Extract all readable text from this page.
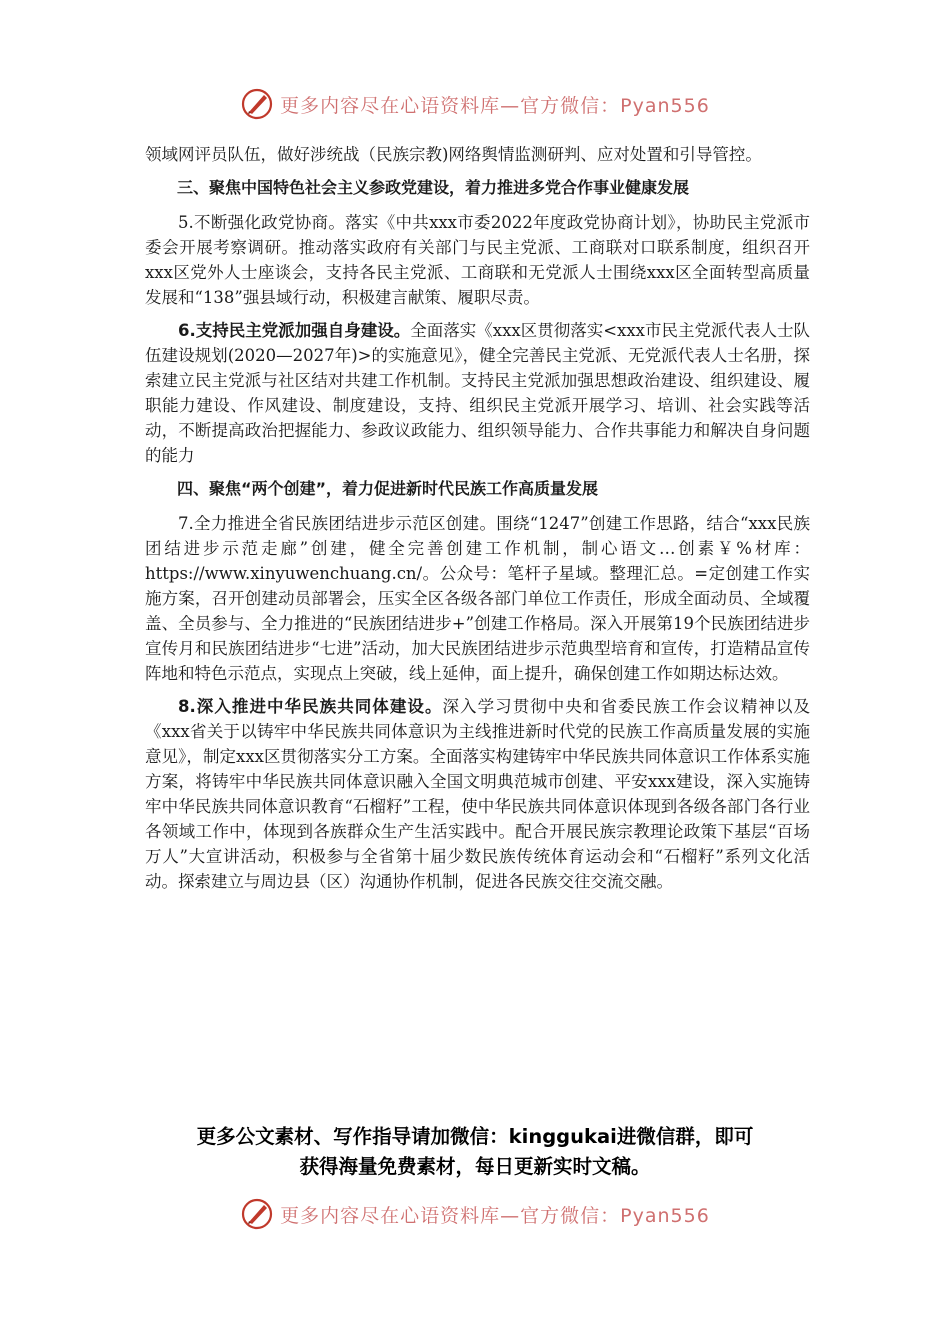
更多内容尽在心语资料库—官方微信：Pyan556

领域网评员队伍，做好涉统战（民族宗教)网络舆情监测研判、应对处置和引导管控。

三、聚焦中国特色社会主义参政党建设，着力推进多党合作事业健康发展

5.不断强化政党协商。落实《中共xxx市委2022年度政党协商计划》，协助民主党派市委会开展考察调研。推动落实政府有关部门与民主党派、工商联对口联系制度，组织召开xxx区党外人士座谈会，支持各民主党派、工商联和无党派人士围绕xxx区全面转型高质量发展和“138”强县域行动，积极建言献策、履职尽责。

6.支持民主党派加强自身建设。全面落实《xxx区贯彻落实<xxx市民主党派代表人士队伍建设规划(2020—2027年)>的实施意见》，健全完善民主党派、无党派代表人士名册，探索建立民主党派与社区结对共建工作机制。支持民主党派加强思想政治建设、组织建设、履职能力建设、作风建设、制度建设，支持、组织民主党派开展学习、培训、社会实践等活动，不断提高政治把握能力、参政议政能力、组织领导能力、合作共事能力和解决自身问题的能力

四、聚焦“两个创建”，着力促进新时代民族工作高质量发展

7.全力推进全省民族团结进步示范区创建。围绕“1247”创建工作思路，结合“xxx民族团结进步示范走廊”创建，健全完善创建工作机制，制心语文…创素￥%材库：https://www.xinyuwenchuang.cn/。公众号：笔杆子星域。整理汇总。=定创建工作实施方案，召开创建动员部署会，压实全区各级各部门单位工作责任，形成全面动员、全域覆盖、全员参与、全力推进的“民族团结进步+”创建工作格局。深入开展第19个民族团结进步宣传月和民族团结进步“七进”活动，加大民族团结进步示范典型培育和宣传，打造精品宣传阵地和特色示范点，实现点上突破，线上延伸，面上提升，确保创建工作如期达标达效。

8.深入推进中华民族共同体建设。深入学习贯彻中央和省委民族工作会议精神以及《xxx省关于以铸牢中华民族共同体意识为主线推进新时代党的民族工作高质量发展的实施意见》，制定xxx区贯彻落实分工方案。全面落实构建铸牢中华民族共同体意识工作体系实施方案，将铸牢中华民族共同体意识融入全国文明典范城市创建、平安xxx建设，深入实施铸牢中华民族共同体意识教育“石榴籽”工程，使中华民族共同体意识体现到各级各部门各行业各领域工作中，体现到各族群众生产生活实践中。配合开展民族宗教理论政策下基层“百场万人”大宣讲活动，积极参与全省第十届少数民族传统体育运动会和“石榴籽”系列文化活动。探索建立与周边县（区）沟通协作机制，促进各民族交往交流交融。

更多公文素材、写作指导请加微信：kinggukai进微信群，即可
获得海量免费素材，每日更新实时文稿。
更多内容尽在心语资料库—官方微信：Pyan556
